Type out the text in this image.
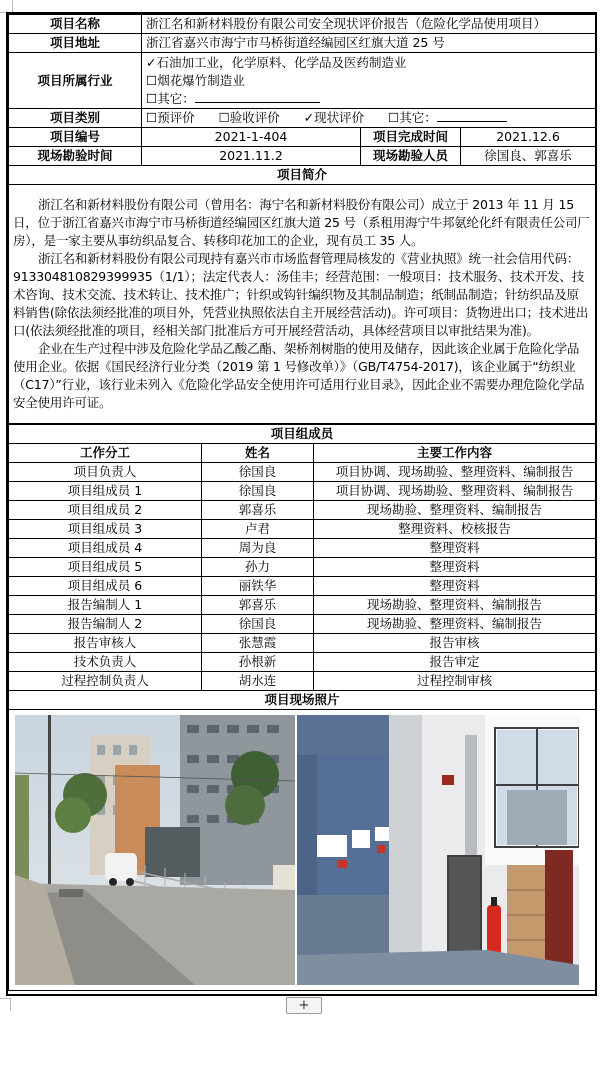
项目名称	浙江名和新材料股份有限公司安全现状评价报告（危险化学品使用项目）		
项目地址	浙江省嘉兴市海宁市马桥街道经编园区红旗大道 25 号		
项目所属行业	✓石油加工业，化学原料、化学品及医药制造业
☐烟花爆竹制造业
☐其它：		

项目类别	☐预评价 ☐验收评价 ✓现状评价 ☐其它：		
项目编号	2021-1-404	项目完成时间	2021.12.6
现场勘验时间	2021.11.2	现场勘验人员	徐国良、郭喜乐
项目简介			

浙江名和新材料股份有限公司（曾用名：海宁名和新材料股份有限公司）成立于 2013 年 11 月 15 日，位于浙江省嘉兴市海宁市马桥街道经编园区红旗大道 25 号（系租用海宁牛邦氨纶化纤有限责任公司厂房），是一家主要从事纺织品复合、转移印花加工的企业，现有员工 35 人。

浙江名和新材料股份有限公司现持有嘉兴市市场监督管理局核发的《营业执照》统一社会信用代码：913304810829399935（1/1）；法定代表人：汤佳丰；经营范围：一般项目：技术服务、技术开发、技术咨询、技术交流、技术转让、技术推广；针织或钩针编织物及其制品制造；纸制品制造；针纺织品及原料销售(除依法须经批准的项目外，凭营业执照依法自主开展经营活动)。许可项目：货物进出口；技术进出口(依法须经批准的项目，经相关部门批准后方可开展经营活动，具体经营项目以审批结果为准)。

企业在生产过程中涉及危险化学品乙酸乙酯、架桥剂树脂的使用及储存，因此该企业属于危险化学品使用企业。依据《国民经济行业分类（2019 第 1 号修改单）》（GB/T4754-2017)，该企业属于“纺织业（C17）”行业，该行业未列入《危险化学品安全使用许可适用行业目录》，因此企业不需要办理危险化学品安全使用许可证。			

项目组成员		
工作分工	姓名	主要工作内容
项目负责人	徐国良	项目协调、现场勘验、整理资料、编制报告
项目组成员 1	徐国良	项目协调、现场勘验、整理资料、编制报告
项目组成员 2	郭喜乐	现场勘验、整理资料、编制报告
项目组成员 3	卢君	整理资料、校核报告
项目组成员 4	周为良	整理资料
项目组成员 5	孙力	整理资料
项目组成员 6	丽铁华	整理资料
报告编制人 1	郭喜乐	现场勘验、整理资料、编制报告
报告编制人 2	徐国良	现场勘验、整理资料、编制报告
报告审核人	张慧霞	报告审核
技术负责人	孙根新	报告审定
过程控制负责人	胡水连	过程控制审核
项目现场照片		

+
